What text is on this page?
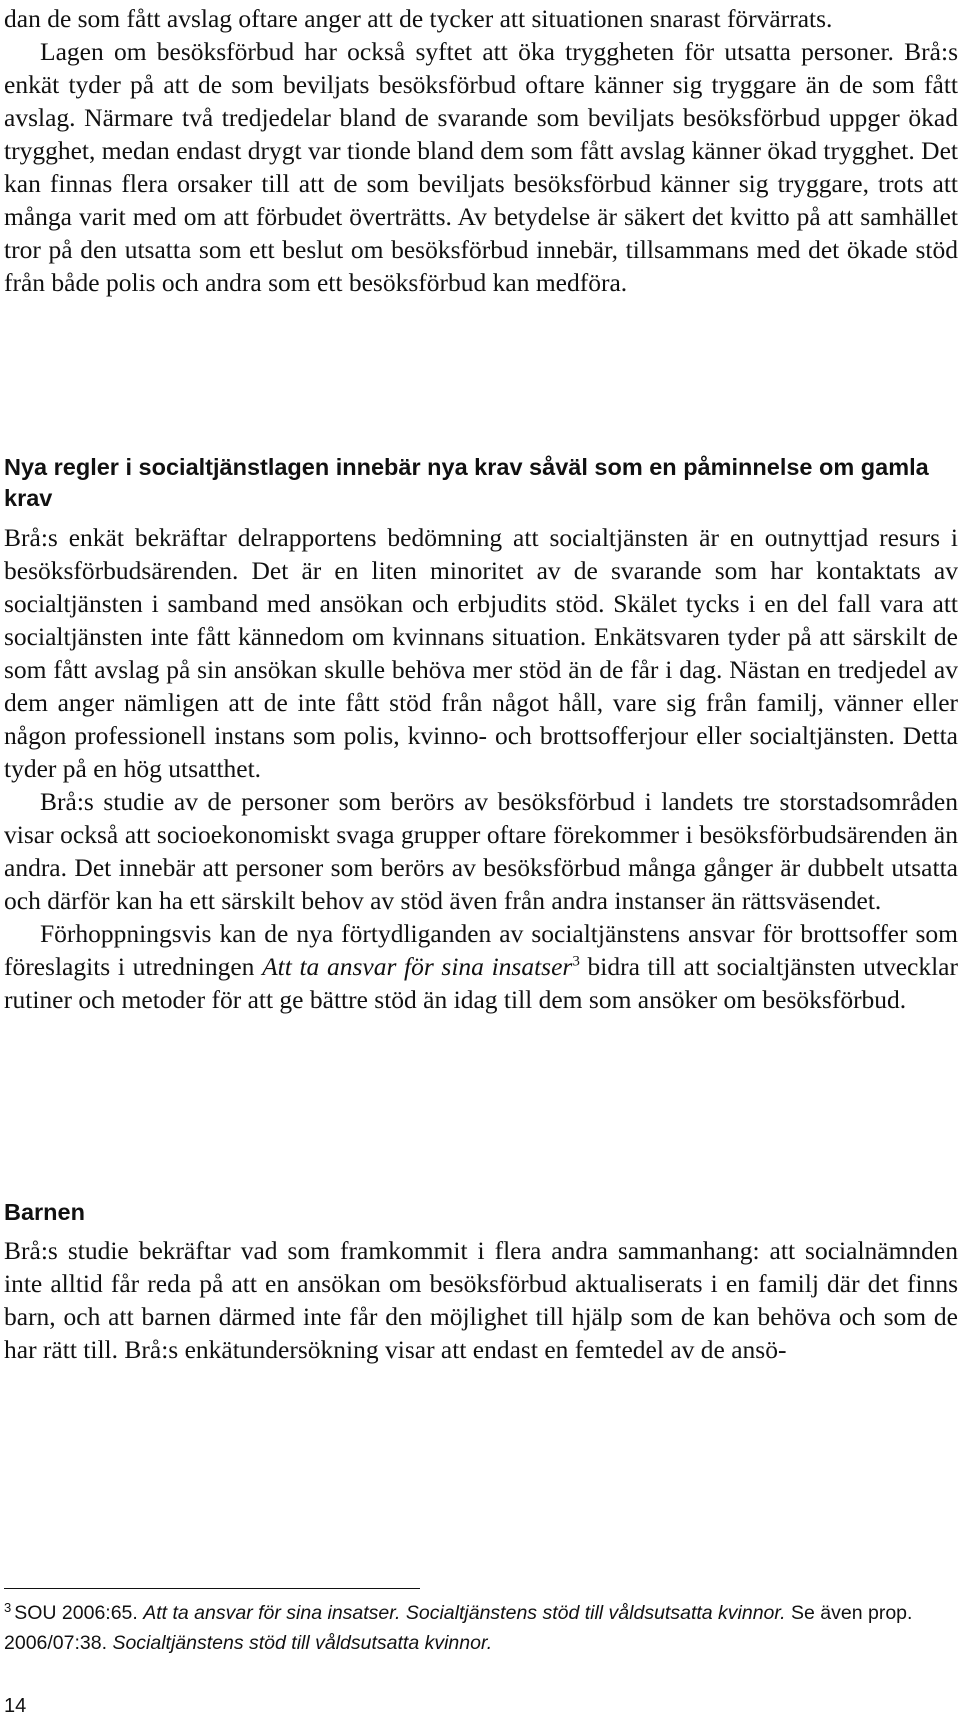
dan de som fått avslag oftare anger att de tycker att situationen snarast förvärrats.

Lagen om besöksförbud har också syftet att öka tryggheten för utsatta personer. Brå:s enkät tyder på att de som beviljats besöksförbud oftare känner sig tryggare än de som fått avslag. Närmare två tredjedelar bland de svarande som beviljats besöksförbud uppger ökad trygghet, medan endast drygt var tionde bland dem som fått avslag känner ökad trygghet. Det kan finnas flera orsaker till att de som beviljats besöksförbud känner sig tryggare, trots att många varit med om att förbudet överträtts. Av betydelse är säkert det kvitto på att samhället tror på den utsatta som ett beslut om besöksförbud innebär, tillsammans med det ökade stöd från både polis och andra som ett besöksförbud kan medföra.

Nya regler i socialtjänstlagen innebär nya krav såväl som en påminnelse om gamla krav

Brå:s enkät bekräftar delrapportens bedömning att socialtjänsten är en outnyttjad resurs i besöksförbudsärenden. Det är en liten minoritet av de svarande som har kontaktats av socialtjänsten i samband med ansökan och erbjudits stöd. Skälet tycks i en del fall vara att socialtjänsten inte fått kännedom om kvinnans situation. Enkätsvaren tyder på att särskilt de som fått avslag på sin ansökan skulle behöva mer stöd än de får i dag. Nästan en tredjedel av dem anger nämligen att de inte fått stöd från något håll, vare sig från familj, vänner eller någon professionell instans som polis, kvinno- och brottsofferjour eller socialtjänsten. Detta tyder på en hög utsatthet.

Brå:s studie av de personer som berörs av besöksförbud i landets tre storstadsområden visar också att socioekonomiskt svaga grupper oftare förekommer i besöksförbudsärenden än andra. Det innebär att personer som berörs av besöksförbud många gånger är dubbelt utsatta och därför kan ha ett särskilt behov av stöd även från andra instanser än rättsväsendet.

Förhoppningsvis kan de nya förtydliganden av socialtjänstens ansvar för brottsoffer som föreslagits i utredningen Att ta ansvar för sina insatser$^3$ bidra till att socialtjänsten utvecklar rutiner och metoder för att ge bättre stöd än idag till dem som ansöker om besöksförbud.

Barnen

Brå:s studie bekräftar vad som framkommit i flera andra sammanhang: att socialnämnden inte alltid får reda på att en ansökan om besöksförbud aktualiserats i en familj där det finns barn, och att barnen därmed inte får den möjlighet till hjälp som de kan behöva och som de har rätt till. Brå:s enkätundersökning visar att endast en femtedel av de ansö-

$^3$ SOU 2006:65. Att ta ansvar för sina insatser. Socialtjänstens stöd till våldsutsatta kvinnor. Se även prop. 2006/07:38. Socialtjänstens stöd till våldsutsatta kvinnor.

14
